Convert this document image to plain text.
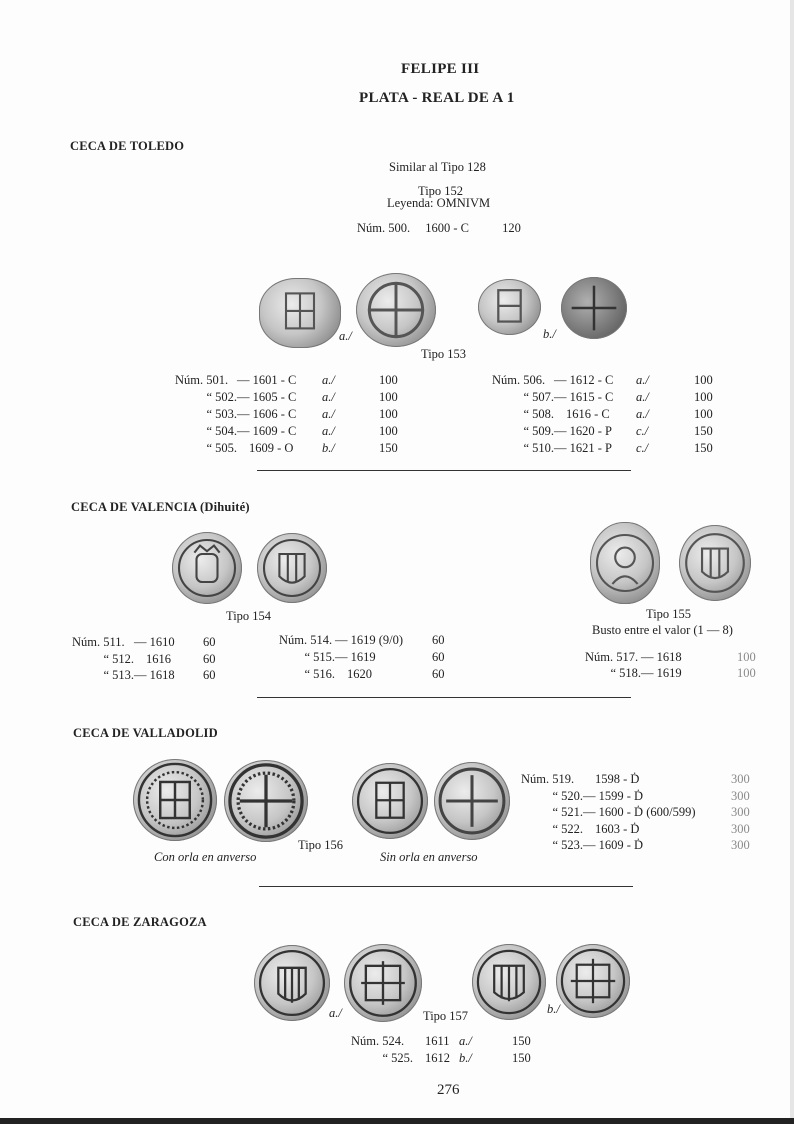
FELIPE III
PLATA - REAL DE A 1
CECA DE TOLEDO
Similar al Tipo 128
Tipo 152
Leyenda: OMNIVM
Núm. 500. 1600 - C	120
a./	b./
Tipo 153
Núm. 501. — 1601 - C	a./	100
“ 502. — 1605 - C	a./	100
“ 503. — 1606 - C	a./	100
“ 504. — 1609 - C	a./	100
“ 505. 1609 - O	b./	150
Núm. 506. — 1612 - C	a./	100
“ 507. — 1615 - C	a./	100
“ 508. 1616 - C	a./	100
“ 509. — 1620 - P	c./	150
“ 510. — 1621 - P	c./	150
CECA DE VALENCIA (Dihuité)
Tipo 154	Tipo 155
Busto entre el valor (1 — 8)
Núm. 511. — 1610	60
“ 512. 1616	60
“ 513. — 1618	60
Núm. 514. — 1619 (9/0)	60
“ 515. — 1619	60
“ 516. 1620	60
Núm. 517. — 1618	100
“ 518. — 1619	100
CECA DE VALLADOLID
Con orla en anverso
Tipo 156
Sin orla en anverso
Núm. 519.	1598 - Ḋ	300
“ 520. — 1599 - Ḋ	300
“ 521. — 1600 - Ḋ (600/599)	300
“ 522. 1603 - Ḋ	300
“ 523. — 1609 - Ḋ	300
CECA DE ZARAGOZA
a./	b./
Tipo 157
Núm. 524.	1611 a./	150
“ 525. 1612 b./	150
276
